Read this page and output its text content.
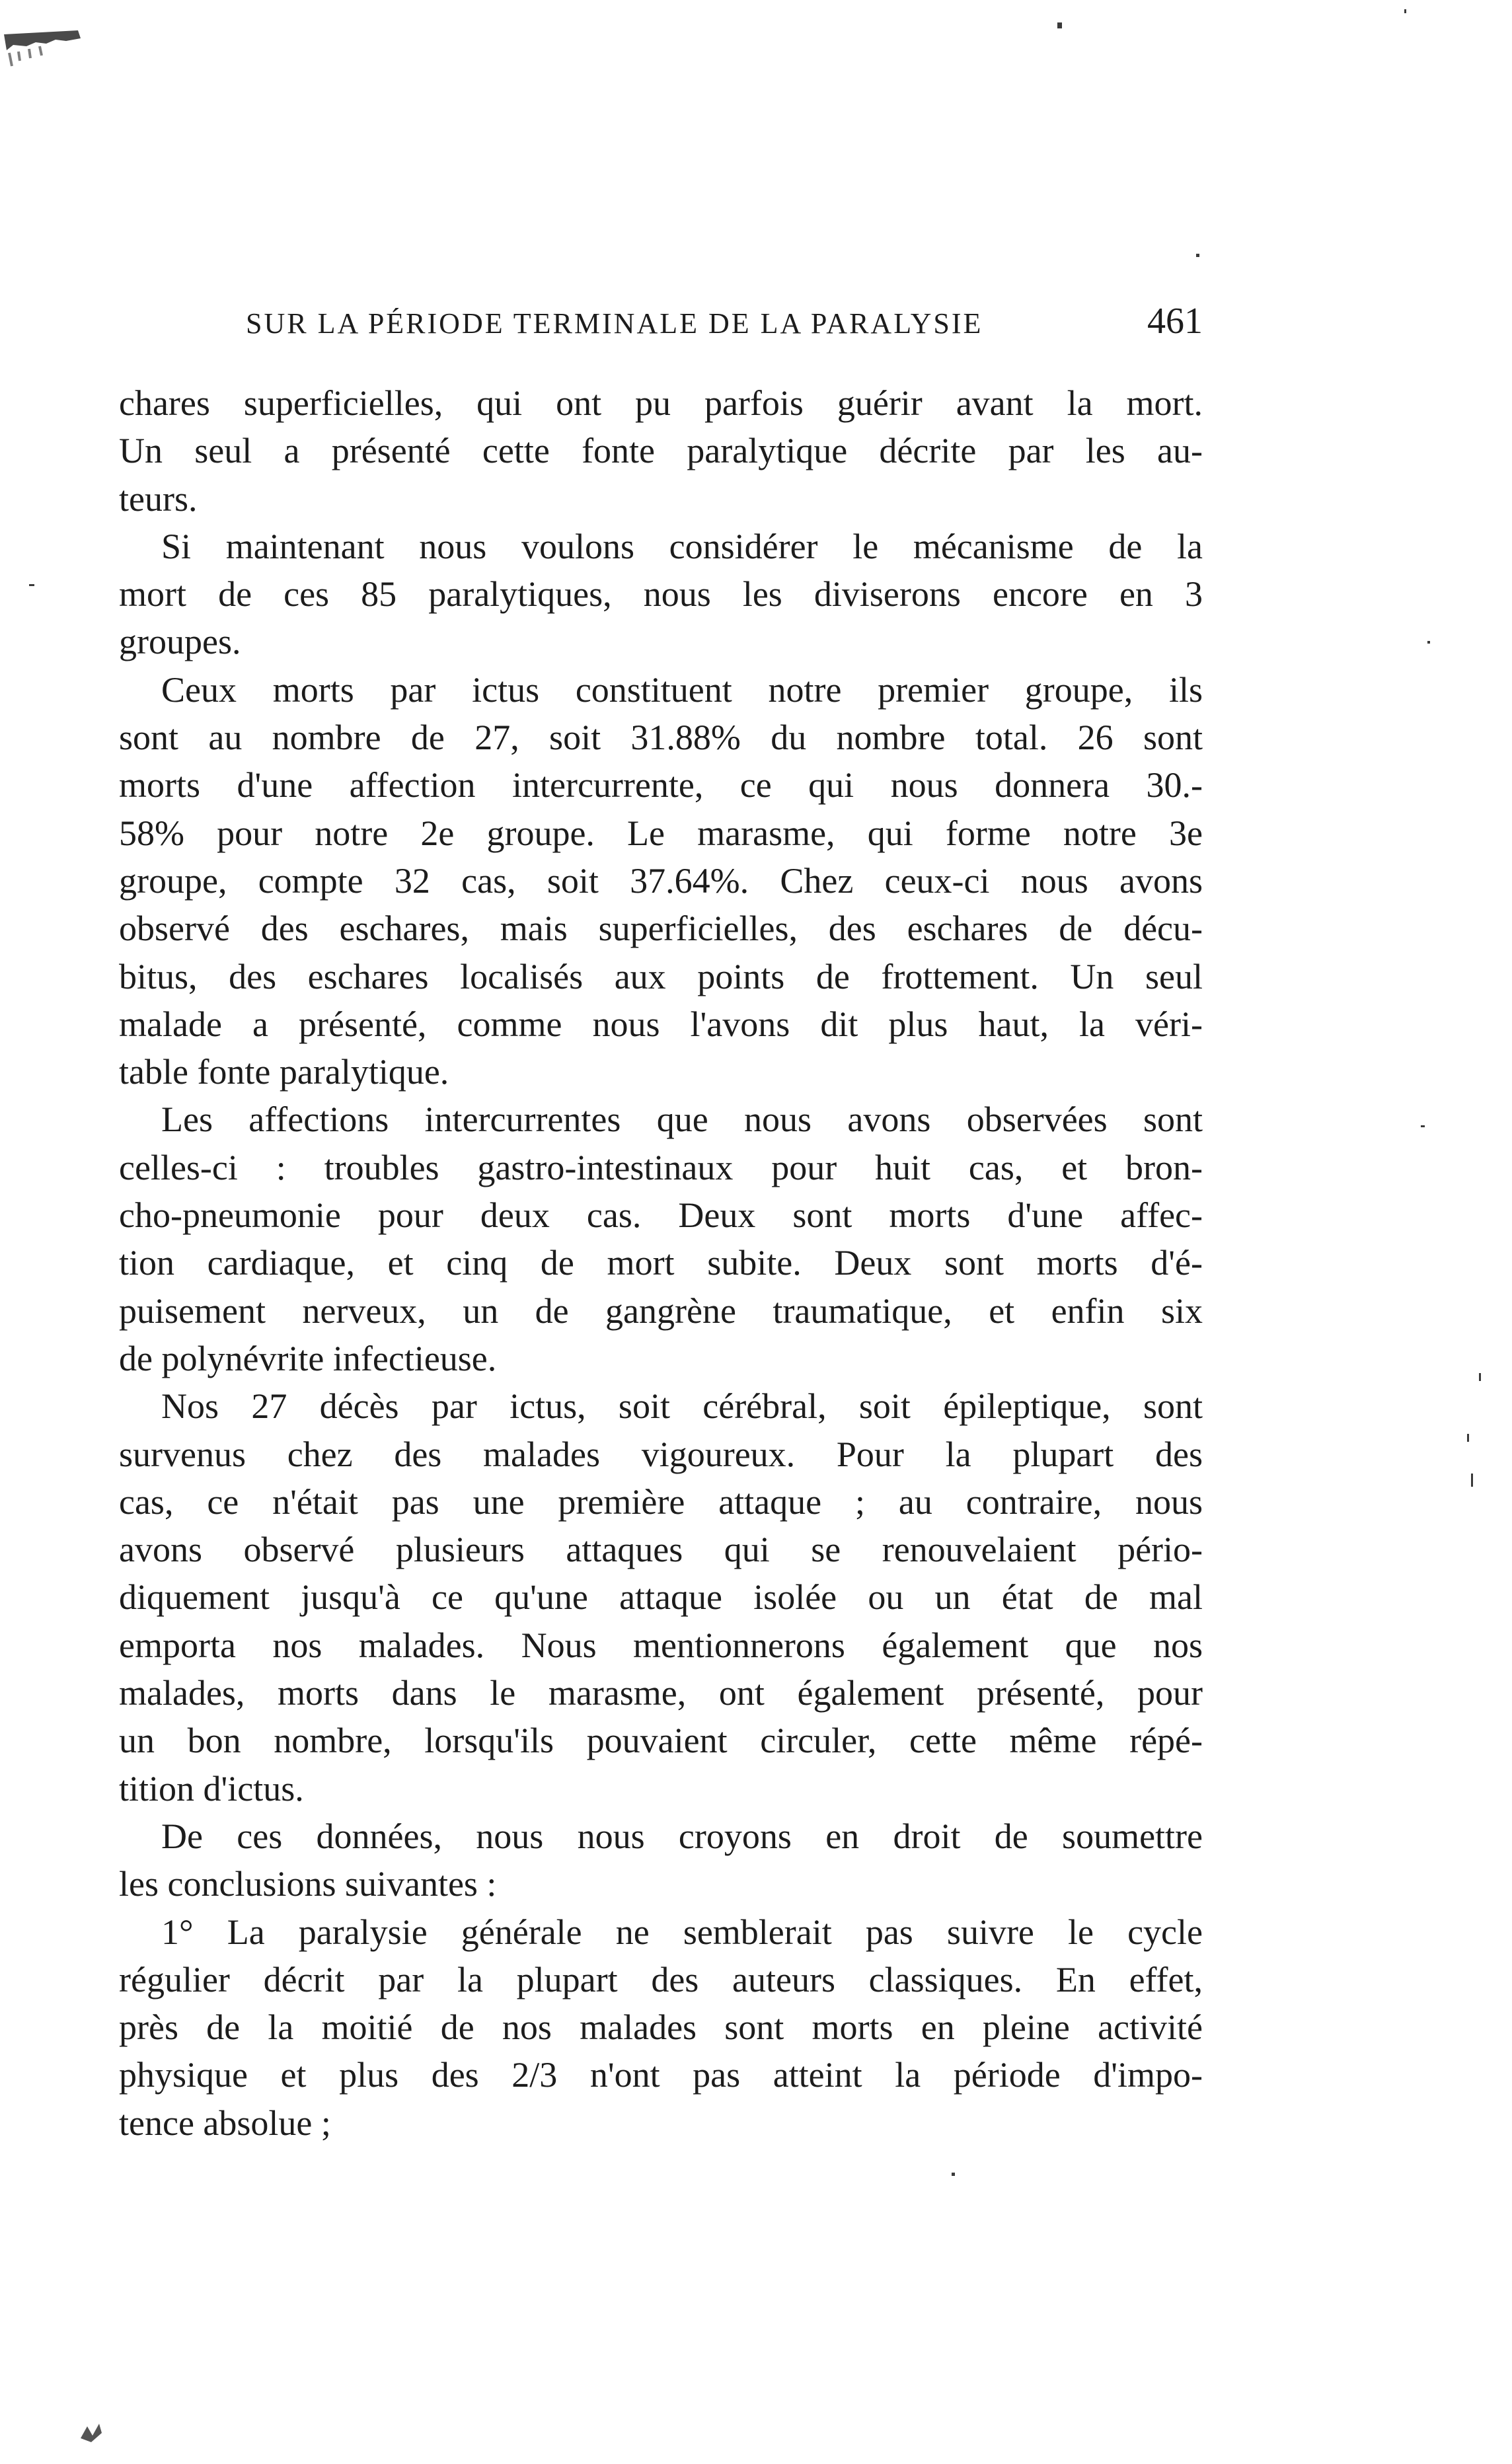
SUR LA PÉRIODE TERMINALE DE LA PARALYSIE	461
chares superficielles, qui ont pu parfois guérir avant la mort.
Un seul a présenté cette fonte paralytique décrite par les au-
teurs.
Si maintenant nous voulons considérer le mécanisme de la
mort de ces 85 paralytiques, nous les diviserons encore en 3
groupes.
Ceux morts par ictus constituent notre premier groupe, ils
sont au nombre de 27, soit 31.88% du nombre total. 26 sont
morts d'une affection intercurrente, ce qui nous donnera 30.-
58% pour notre 2e groupe. Le marasme, qui forme notre 3e
groupe, compte 32 cas, soit 37.64%. Chez ceux-ci nous avons
observé des eschares, mais superficielles, des eschares de décu-
bitus, des eschares localisés aux points de frottement. Un seul
malade a présenté, comme nous l'avons dit plus haut, la véri-
table fonte paralytique.
Les affections intercurrentes que nous avons observées sont
celles-ci : troubles gastro-intestinaux pour huit cas, et bron-
cho-pneumonie pour deux cas. Deux sont morts d'une affec-
tion cardiaque, et cinq de mort subite. Deux sont morts d'é-
puisement nerveux, un de gangrène traumatique, et enfin six
de polynévrite infectieuse.
Nos 27 décès par ictus, soit cérébral, soit épileptique, sont
survenus chez des malades vigoureux. Pour la plupart des
cas, ce n'était pas une première attaque ; au contraire, nous
avons observé plusieurs attaques qui se renouvelaient pério-
diquement jusqu'à ce qu'une attaque isolée ou un état de mal
emporta nos malades. Nous mentionnerons également que nos
malades, morts dans le marasme, ont également présenté, pour
un bon nombre, lorsqu'ils pouvaient circuler, cette même répé-
tition d'ictus.
De ces données, nous nous croyons en droit de soumettre
les conclusions suivantes :
1° La paralysie générale ne semblerait pas suivre le cycle
régulier décrit par la plupart des auteurs classiques. En effet,
près de la moitié de nos malades sont morts en pleine activité
physique et plus des 2/3 n'ont pas atteint la période d'impo-
tence absolue ;
